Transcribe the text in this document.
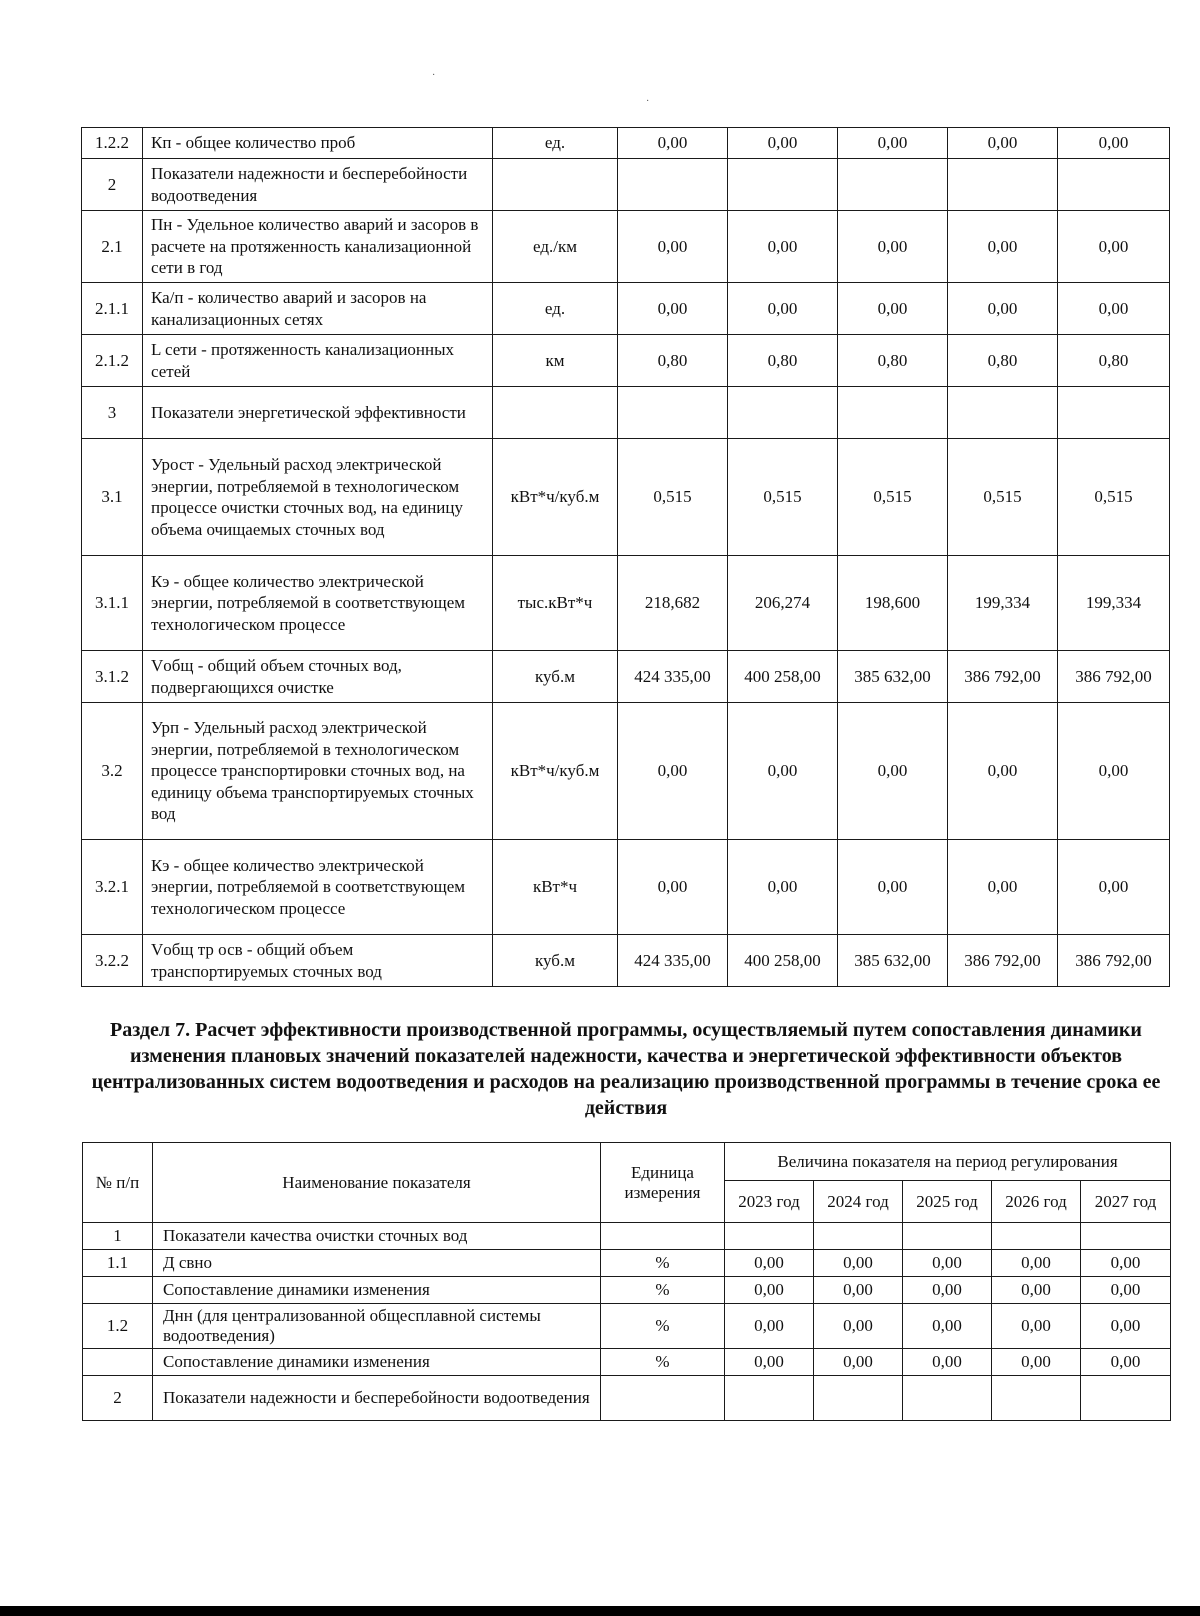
·
·
1.2.2	Кп - общее количество проб	ед.	0,00	0,00	0,00	0,00	0,00
2	Показатели надежности и бесперебойности водоотведения						
2.1	Пн - Удельное количество аварий и засоров в расчете на протяженность канализационной сети в год	ед./км	0,00	0,00	0,00	0,00	0,00
2.1.1	Ка/п - количество аварий и засоров на канализационных сетях	ед.	0,00	0,00	0,00	0,00	0,00
2.1.2	L сети - протяженность канализационных сетей	км	0,80	0,80	0,80	0,80	0,80
3	Показатели энергетической эффективности						
3.1	Урост - Удельный расход электрической энергии, потребляемой в технологическом процессе очистки сточных вод, на единицу объема очищаемых сточных вод	кВт*ч/куб.м	0,515	0,515	0,515	0,515	0,515
3.1.1	Кэ - общее количество электрической энергии, потребляемой в соответствующем технологическом процессе	тыс.кВт*ч	218,682	206,274	198,600	199,334	199,334
3.1.2	Vобщ - общий объем сточных вод, подвергающихся очистке	куб.м	424 335,00	400 258,00	385 632,00	386 792,00	386 792,00
3.2	Урп - Удельный расход электрической энергии, потребляемой в технологическом процессе транспортировки сточных вод, на единицу объема транспортируемых сточных вод	кВт*ч/куб.м	0,00	0,00	0,00	0,00	0,00
3.2.1	Кэ - общее количество электрической энергии, потребляемой в соответствующем технологическом процессе	кВт*ч	0,00	0,00	0,00	0,00	0,00
3.2.2	Vобщ тр осв - общий объем транспортируемых сточных вод	куб.м	424 335,00	400 258,00	385 632,00	386 792,00	386 792,00
Раздел 7. Расчет эффективности производственной программы, осуществляемый путем сопоставления динамики изменения плановых значений показателей надежности, качества и энергетической эффективности объектов централизованных систем водоотведения и расходов на реализацию производственной программы в течение срока ее действия
№ п/п	Наименование показателя	Единица измерения	Величина показателя на период регулирования				
			2023 год	2024 год	2025 год	2026 год	2027 год
1	Показатели качества очистки сточных вод						
1.1	Д свно	%	0,00	0,00	0,00	0,00	0,00
	Сопоставление динамики изменения	%	0,00	0,00	0,00	0,00	0,00
1.2	Днн (для централизованной общесплавной системы водоотведения)	%	0,00	0,00	0,00	0,00	0,00
	Сопоставление динамики изменения	%	0,00	0,00	0,00	0,00	0,00
2	Показатели надежности и бесперебойности водоотведения						
